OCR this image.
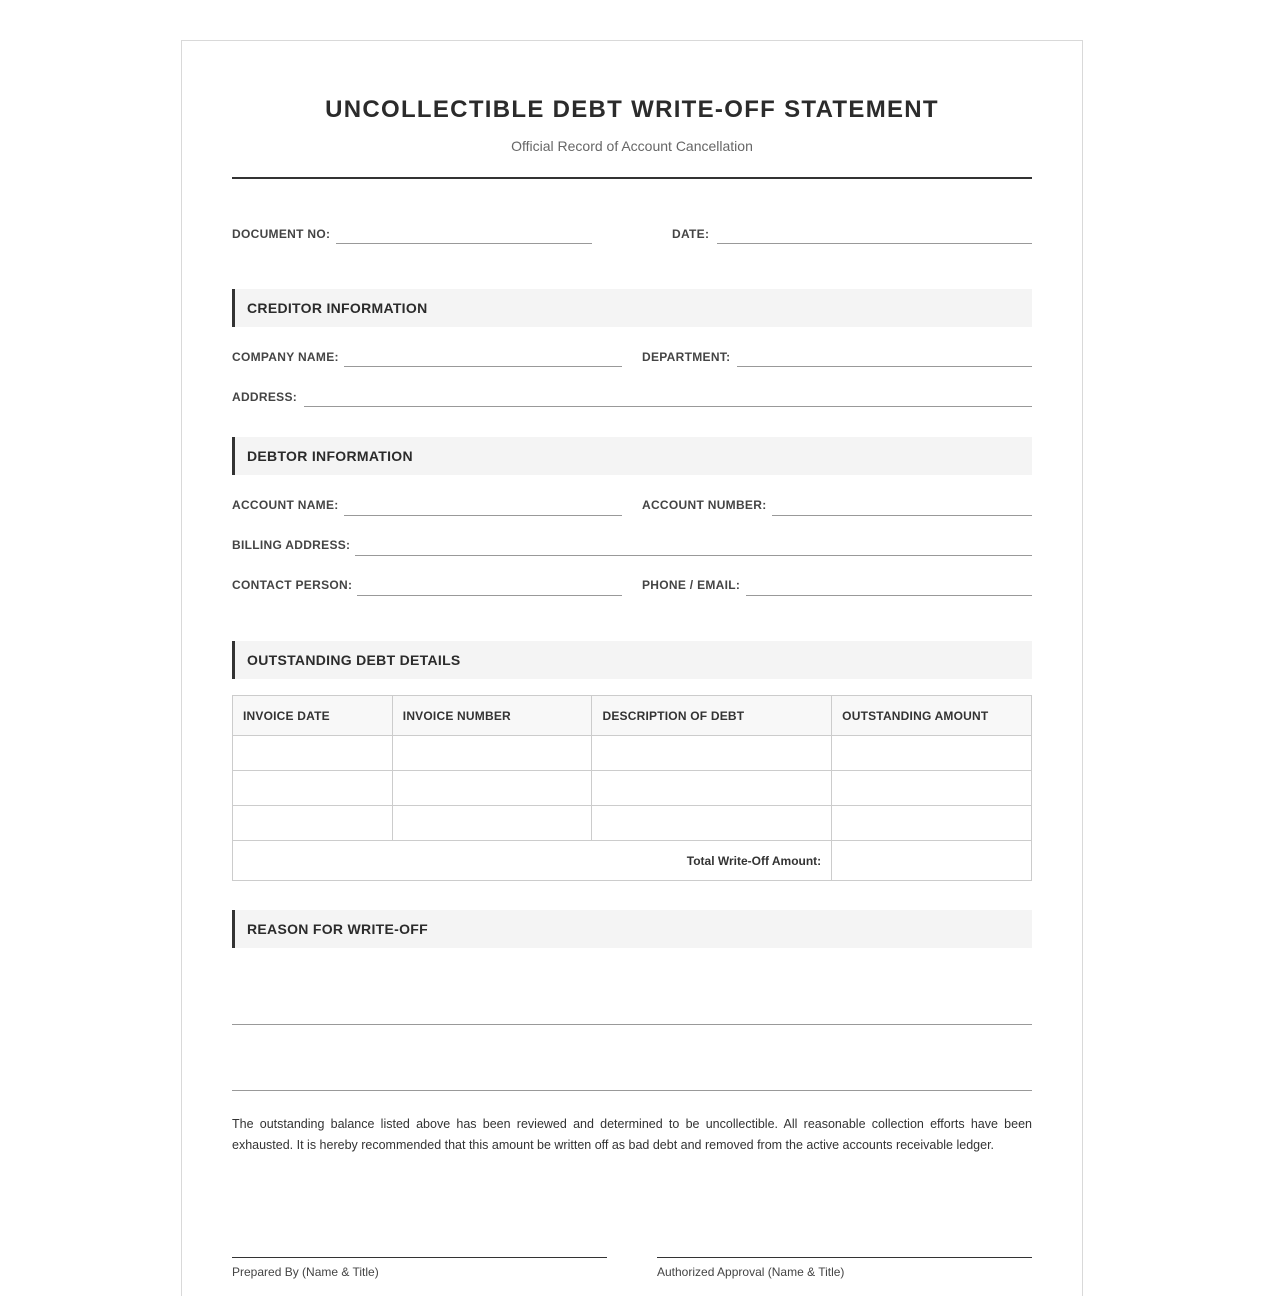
UNCOLLECTIBLE DEBT WRITE-OFF STATEMENT
Official Record of Account Cancellation
DOCUMENT NO:	DATE:
CREDITOR INFORMATION
COMPANY NAME:	DEPARTMENT:
ADDRESS:
DEBTOR INFORMATION
ACCOUNT NAME:	ACCOUNT NUMBER:
BILLING ADDRESS:
CONTACT PERSON:	PHONE / EMAIL:
OUTSTANDING DEBT DETAILS
INVOICE DATE	INVOICE NUMBER	DESCRIPTION OF DEBT	OUTSTANDING AMOUNT

Total Write-Off Amount:			
REASON FOR WRITE-OFF
The outstanding balance listed above has been reviewed and determined to be uncollectible. All reasonable collection efforts have been exhausted. It is hereby recommended that this amount be written off as bad debt and removed from the active accounts receivable ledger.
Prepared By (Name & Title)	Authorized Approval (Name & Title)
